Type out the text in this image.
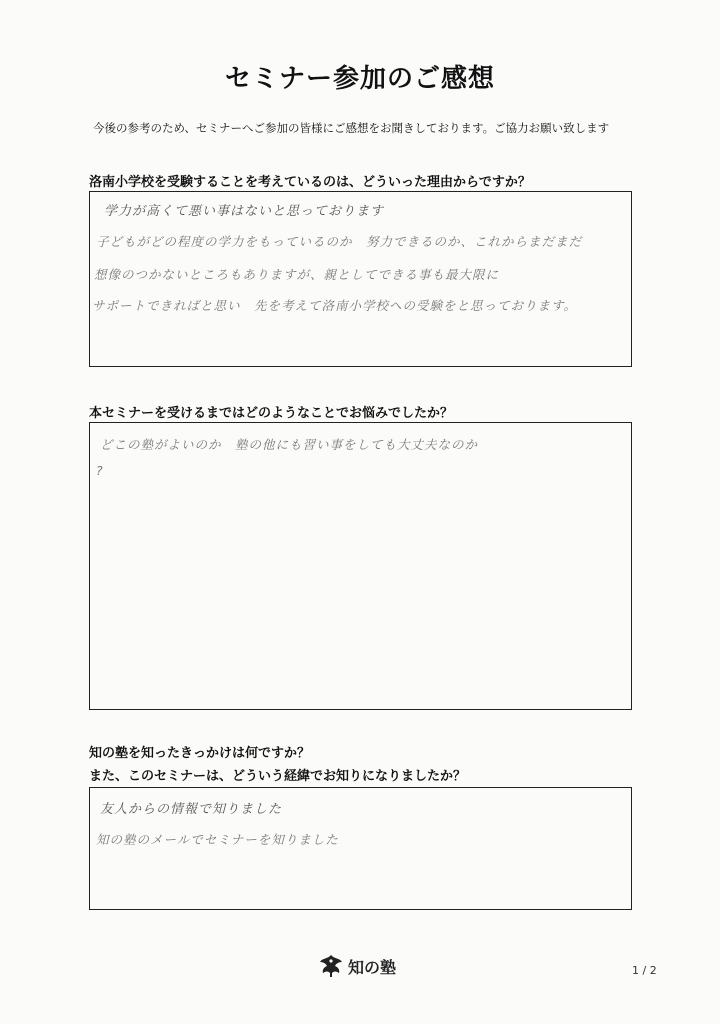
セミナー参加のご感想
今後の参考のため、セミナーへご参加の皆様にご感想をお聞きしております。ご協力お願い致します
洛南小学校を受験することを考えているのは、どういった理由からですか？
学力が高くて悪い事はないと思っております
子どもがどの程度の学力をもっているのか　努力できるのか、これからまだまだ
想像のつかないところもありますが、親としてできる事も最大限に
サポートできればと思い　先を考えて洛南小学校への受験をと思っております。
本セミナーを受けるまではどのようなことでお悩みでしたか？
どこの塾がよいのか　塾の他にも習い事をしても大丈夫なのか
?
知の塾を知ったきっかけは何ですか？
また、このセミナーは、どういう経緯でお知りになりましたか？
友人からの情報で知りました
知の塾のメールでセミナーを知りました
知の塾	1 / 2
